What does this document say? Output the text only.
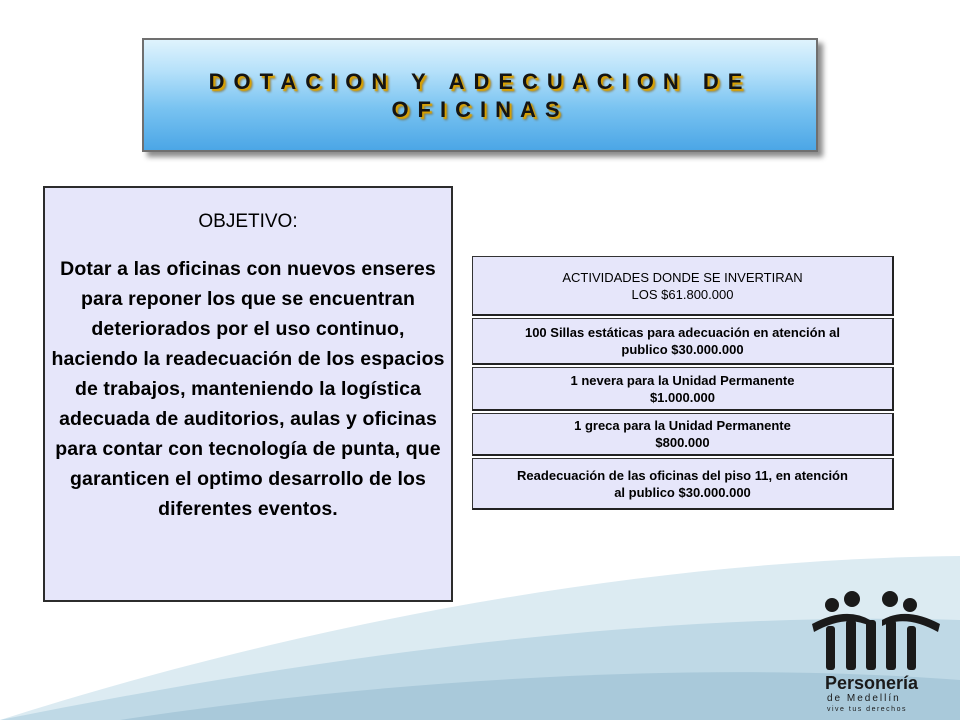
DOTACION Y ADECUACION DE
OFICINAS
OBJETIVO:
Dotar a las oficinas con nuevos enseres para reponer los que se encuentran deteriorados por el uso continuo, haciendo la readecuación de los espacios de trabajos, manteniendo la logística adecuada de auditorios, aulas y oficinas para contar con tecnología de punta, que garanticen el optimo desarrollo de los diferentes eventos.
ACTIVIDADES DONDE SE INVERTIRAN
LOS $61.800.000
100 Sillas estáticas para adecuación en atención al
publico $30.000.000
1 nevera para la Unidad Permanente
$1.000.000
1 greca para la Unidad Permanente
$800.000
Readecuación de las oficinas del piso 11, en atención
al publico $30.000.000
Personería
de Medellín
vive tus derechos
